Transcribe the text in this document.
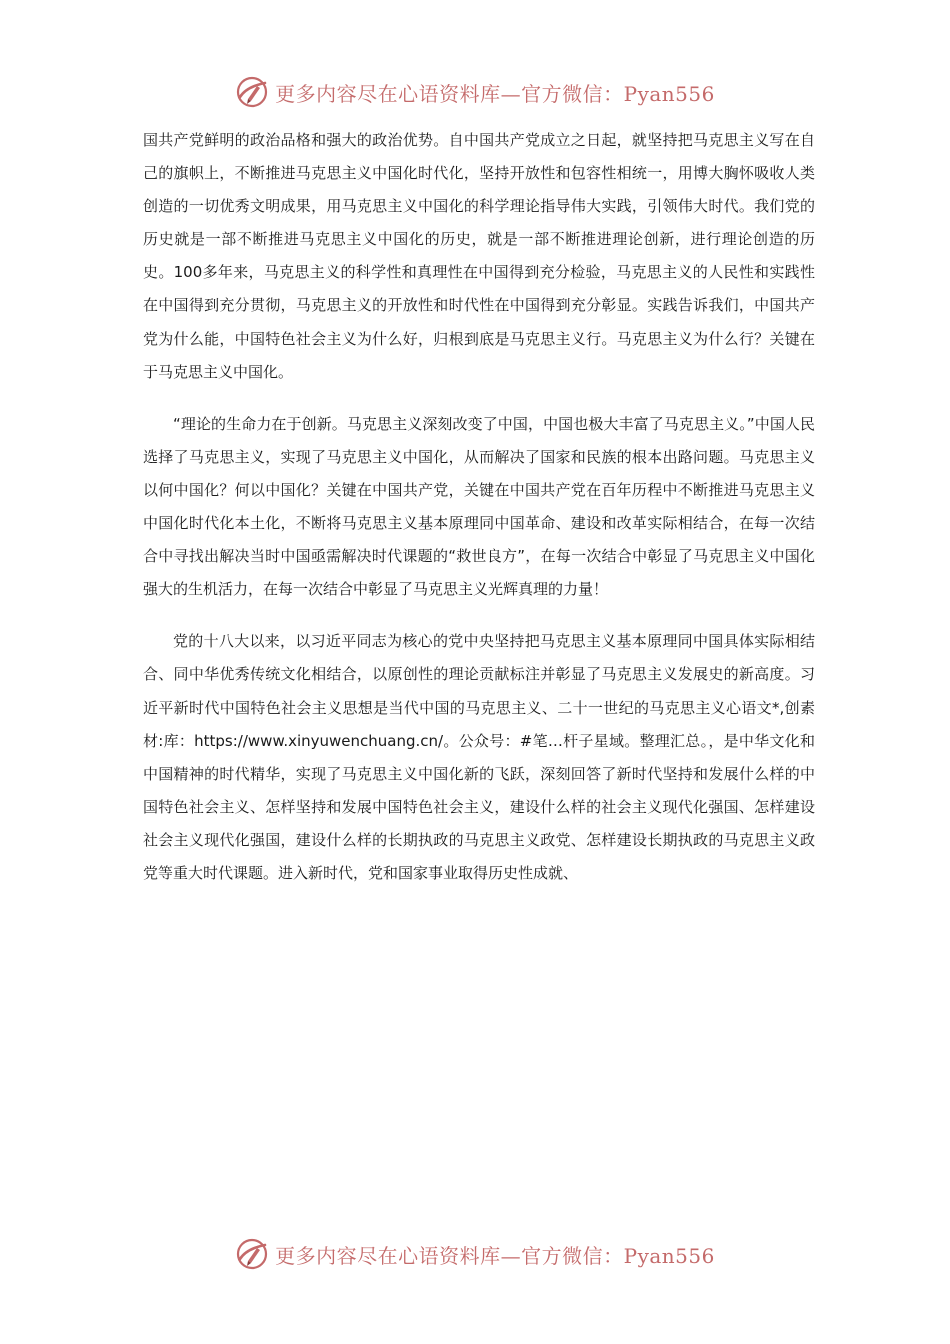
更多内容尽在心语资料库—官方微信：Pyan556

国共产党鲜明的政治品格和强大的政治优势。自中国共产党成立之日起，就坚持把马克思主义写在自己的旗帜上，不断推进马克思主义中国化时代化，坚持开放性和包容性相统一，用博大胸怀吸收人类创造的一切优秀文明成果，用马克思主义中国化的科学理论指导伟大实践，引领伟大时代。我们党的历史就是一部不断推进马克思主义中国化的历史，就是一部不断推进理论创新，进行理论创造的历史。100多年来，马克思主义的科学性和真理性在中国得到充分检验，马克思主义的人民性和实践性在中国得到充分贯彻，马克思主义的开放性和时代性在中国得到充分彰显。实践告诉我们，中国共产党为什么能，中国特色社会主义为什么好，归根到底是马克思主义行。马克思主义为什么行？关键在于马克思主义中国化。

“理论的生命力在于创新。马克思主义深刻改变了中国，中国也极大丰富了马克思主义。”中国人民选择了马克思主义，实现了马克思主义中国化，从而解决了国家和民族的根本出路问题。马克思主义以何中国化？何以中国化？关键在中国共产党，关键在中国共产党在百年历程中不断推进马克思主义中国化时代化本土化，不断将马克思主义基本原理同中国革命、建设和改革实际相结合，在每一次结合中寻找出解决当时中国亟需解决时代课题的“救世良方”，在每一次结合中彰显了马克思主义中国化强大的生机活力，在每一次结合中彰显了马克思主义光辉真理的力量！

党的十八大以来，以习近平同志为核心的党中央坚持把马克思主义基本原理同中国具体实际相结合、同中华优秀传统文化相结合，以原创性的理论贡献标注并彰显了马克思主义发展史的新高度。习近平新时代中国特色社会主义思想是当代中国的马克思主义、二十一世纪的马克思主义心语文*,创素材:库：https://www.xinyuwenchuang.cn/。公众号：#笔…杆子星域。整理汇总。，是中华文化和中国精神的时代精华，实现了马克思主义中国化新的飞跃，深刻回答了新时代坚持和发展什么样的中国特色社会主义、怎样坚持和发展中国特色社会主义，建设什么样的社会主义现代化强国、怎样建设社会主义现代化强国，建设什么样的长期执政的马克思主义政党、怎样建设长期执政的马克思主义政党等重大时代课题。进入新时代，党和国家事业取得历史性成就、

更多内容尽在心语资料库—官方微信：Pyan556
